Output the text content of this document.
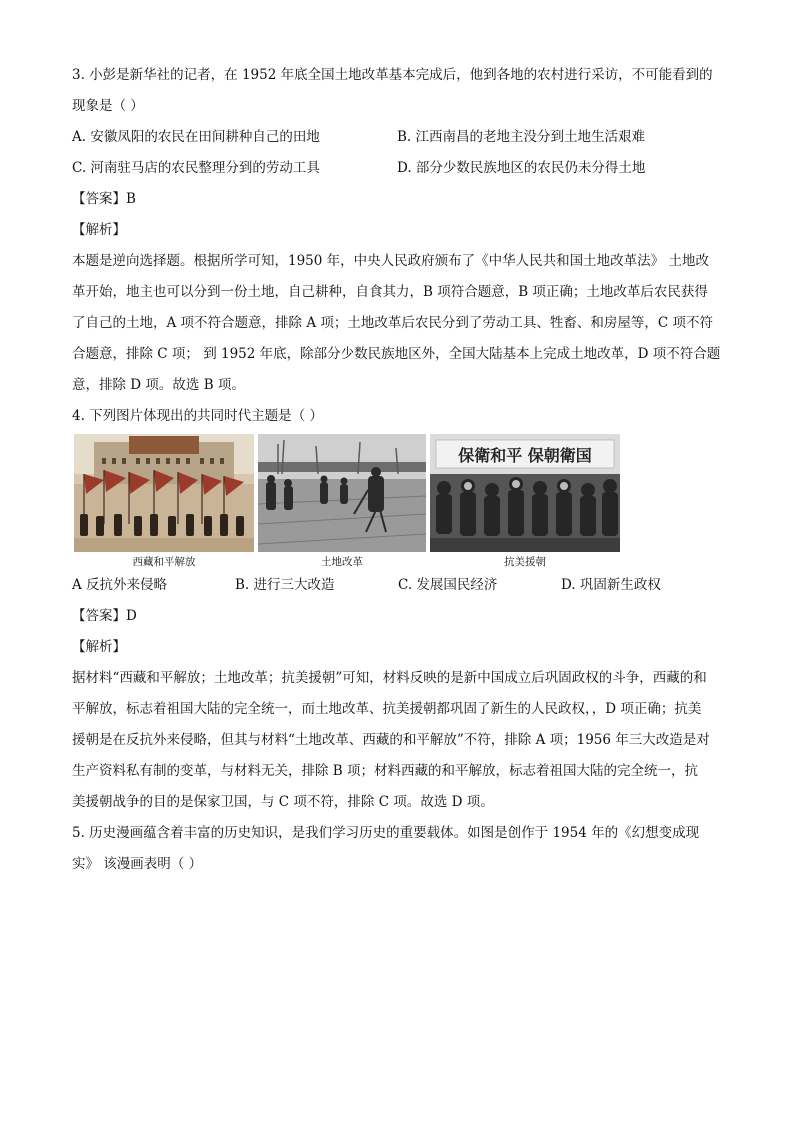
3. 小彭是新华社的记者，在 1952 年底全国土地改革基本完成后，他到各地的农村进行采访，不可能看到的
现象是（ ）
A. 安徽凤阳的农民在田间耕种自己的田地	B. 江西南昌的老地主没分到土地生活艰难
C. 河南驻马店的农民整理分到的劳动工具	D. 部分少数民族地区的农民仍未分得土地
【答案】B
【解析】
本题是逆向选择题。根据所学可知，1950 年，中央人民政府颁布了《中华人民共和国土地改革法》 土地改
革开始，地主也可以分到一份土地，自己耕种，自食其力，B 项符合题意，B 项正确；土地改革后农民获得
了自己的土地，A 项不符合题意，排除 A 项；土地改革后农民分到了劳动工具、牲畜、和房屋等，C 项不符
合题意，排除 C 项； 到 1952 年底，除部分少数民族地区外，全国大陆基本上完成土地改革，D 项不符合题
意，排除 D 项。故选 B 项。
4. 下列图片体现出的共同时代主题是（ ）
西藏和平解放	土地改革
保衛和平 保朝衛国
抗美援朝
A 反抗外来侵略	B. 进行三大改造	C. 发展国民经济	D. 巩固新生政权
【答案】D
【解析】
据材料“西藏和平解放；土地改革；抗美援朝”可知，材料反映的是新中国成立后巩固政权的斗争，西藏的和
平解放，标志着祖国大陆的完全统一，而土地改革、抗美援朝都巩固了新生的人民政权，，D 项正确；抗美
援朝是在反抗外来侵略，但其与材料“土地改革、西藏的和平解放”不符，排除 A 项；1956 年三大改造是对
生产资料私有制的变革，与材料无关，排除 B 项；材料西藏的和平解放，标志着祖国大陆的完全统一，抗
美援朝战争的目的是保家卫国，与 C 项不符，排除 C 项。故选 D 项。
5. 历史漫画蕴含着丰富的历史知识，是我们学习历史的重要载体。如图是创作于 1954 年的《幻想变成现
实》 该漫画表明（ ）
